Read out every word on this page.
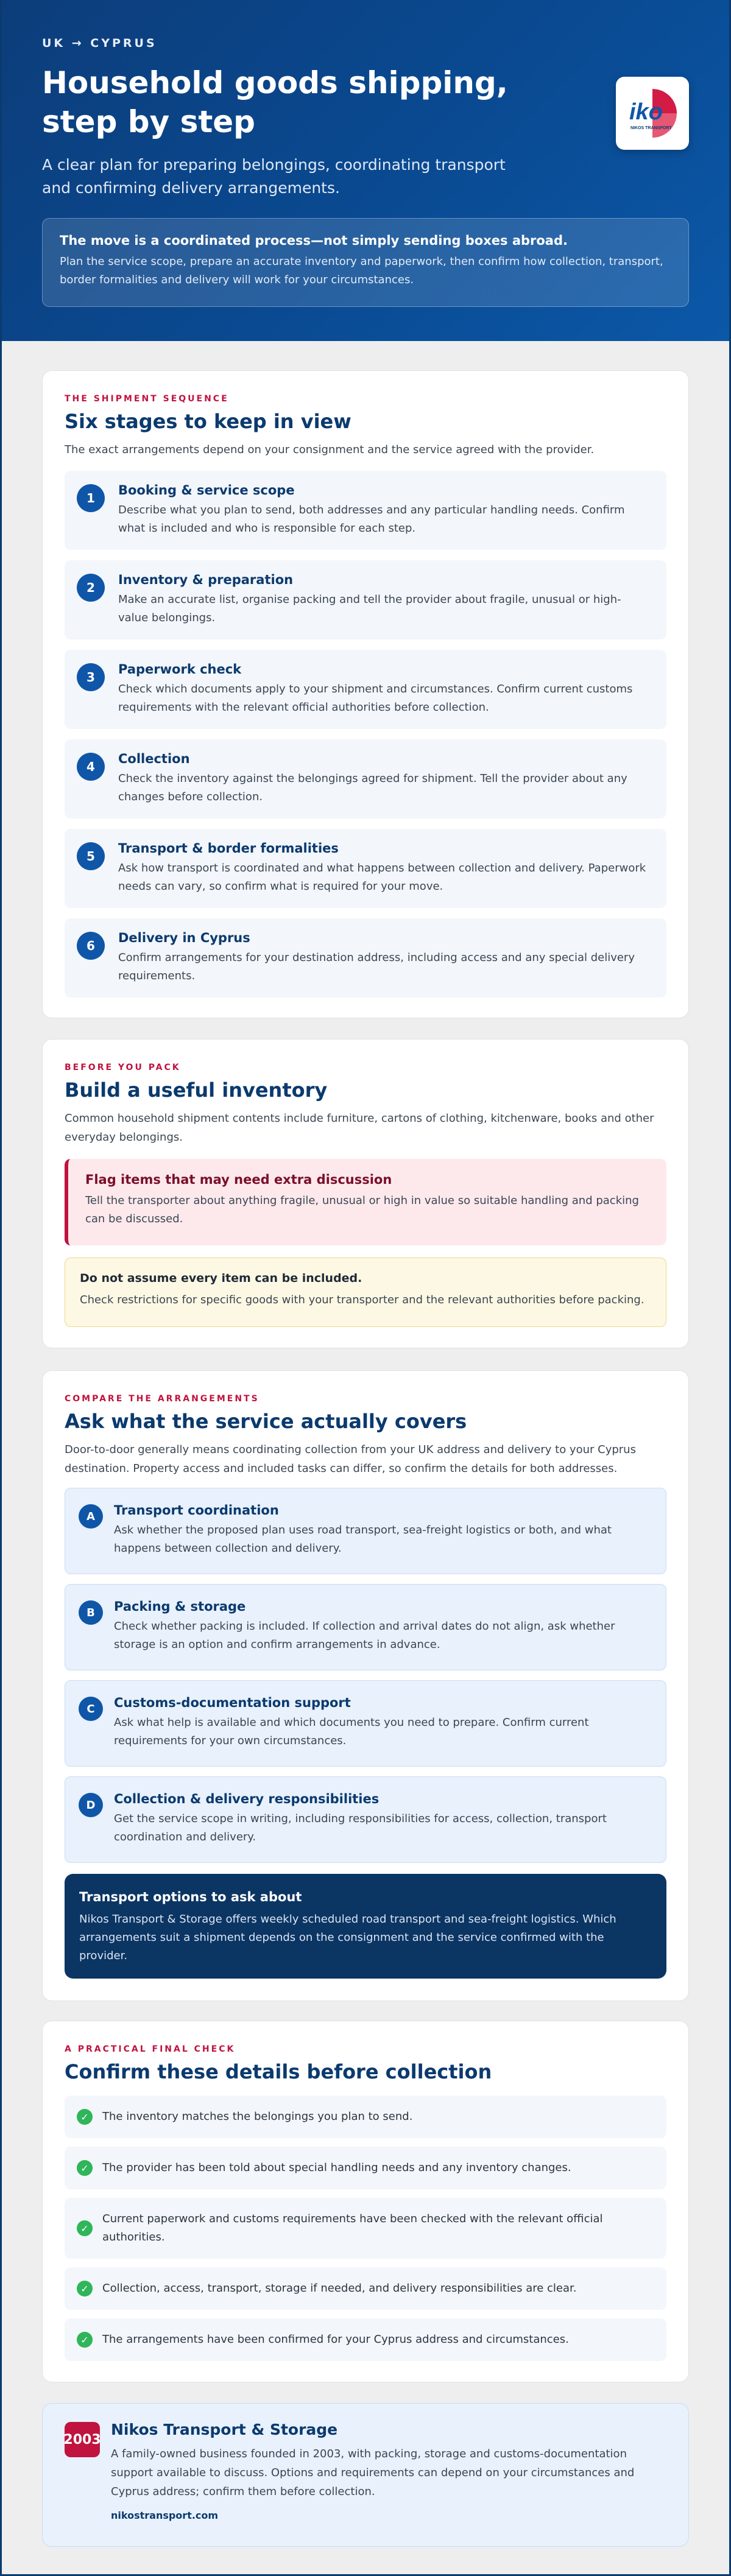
UK → CYPRUS
Household goods shipping, step by step

A clear plan for preparing belongings, coordinating transport and confirming delivery arrangements.

iko
NIKOS TRANSPORT
The move is a coordinated process—not simply sending boxes abroad.
Plan the service scope, prepare an accurate inventory and paperwork, then confirm how collection, transport, border formalities and delivery will work for your circumstances.
THE SHIPMENT SEQUENCE
Six stages to keep in view

The exact arrangements depend on your consignment and the service agreed with the provider.

1
Booking & service scope
Describe what you plan to send, both addresses and any particular handling needs. Confirm what is included and who is responsible for each step.
2
Inventory & preparation
Make an accurate list, organise packing and tell the provider about fragile, unusual or high-value belongings.
3
Paperwork check
Check which documents apply to your shipment and circumstances. Confirm current customs requirements with the relevant official authorities before collection.
4
Collection
Check the inventory against the belongings agreed for shipment. Tell the provider about any changes before collection.
5
Transport & border formalities
Ask how transport is coordinated and what happens between collection and delivery. Paperwork needs can vary, so confirm what is required for your move.
6
Delivery in Cyprus
Confirm arrangements for your destination address, including access and any special delivery requirements.
BEFORE YOU PACK
Build a useful inventory

Common household shipment contents include furniture, cartons of clothing, kitchenware, books and other everyday belongings.

Flag items that may need extra discussion
Tell the transporter about anything fragile, unusual or high in value so suitable handling and packing can be discussed.
Do not assume every item can be included.
Check restrictions for specific goods with your transporter and the relevant authorities before packing.
COMPARE THE ARRANGEMENTS
Ask what the service actually covers

Door-to-door generally means coordinating collection from your UK address and delivery to your Cyprus destination. Property access and included tasks can differ, so confirm the details for both addresses.

A	Transport coordination
Ask whether the proposed plan uses road transport, sea-freight logistics or both, and what happens between collection and delivery.
B	Packing & storage
Check whether packing is included. If collection and arrival dates do not align, ask whether storage is an option and confirm arrangements in advance.
C	Customs-documentation support
Ask what help is available and which documents you need to prepare. Confirm current requirements for your own circumstances.
D	Collection & delivery responsibilities
Get the service scope in writing, including responsibilities for access, collection, transport coordination and delivery.
Transport options to ask about
Nikos Transport & Storage offers weekly scheduled road transport and sea-freight logistics. Which arrangements suit a shipment depends on the consignment and the service confirmed with the provider.
A PRACTICAL FINAL CHECK
Confirm these details before collection
✓	The inventory matches the belongings you plan to send.
✓	The provider has been told about special handling needs and any inventory changes.
✓
Current paperwork and customs requirements have been checked with the relevant official authorities.
✓	Collection, access, transport, storage if needed, and delivery responsibilities are clear.
✓	The arrangements have been confirmed for your Cyprus address and circumstances.
2003
Nikos Transport & Storage
A family-owned business founded in 2003, with packing, storage and customs-documentation support available to discuss. Options and requirements can depend on your circumstances and Cyprus address; confirm them before collection.
nikostransport.com
